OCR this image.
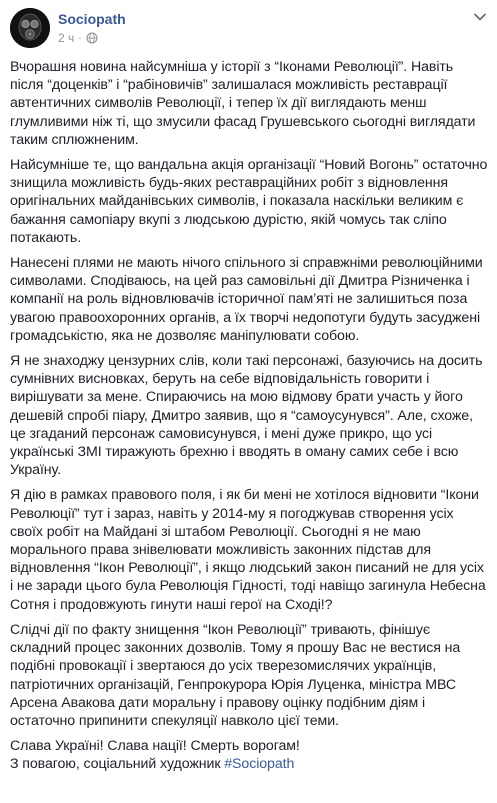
Sociopath
2 ч ·

Вчорашня новина найсумніша у історії з “Іконами Революції”. Навіть після “доценків” і “рабіновичів” залишалася можливість реставрації автентичних символів Революції, і тепер їх дії виглядають менш глумливими ніж ті, що змусили фасад Грушевського сьогодні виглядати таким сплюжненим.

Найсумніше те, що вандальна акція організації “Новий Вогонь” остаточно знищила можливість будь-яких реставраційних робіт з відновлення оригінальних майданівських символів, і показала наскільки великим є бажання самопіару вкупі з людською дурістю, якій чомусь так сліпо потакають.

Нанесені плями не мають нічого спільного зі справжніми революційними символами. Сподіваюсь, на цей раз самовільні дії Дмитра Різниченка і компанії на роль відновлювачів історичної пам’яті не залишиться поза увагою правоохоронних органів, а їх творчі недопотуги будуть засуджені громадськістю, яка не дозволяє маніпулювати собою.

Я не знаходжу цензурних слів, коли такі персонажі, базуючись на досить сумнівних висновках, беруть на себе відповідальність говорити і вирішувати за мене. Спираючись на мою відмову брати участь у його дешевій спробі піару, Дмитро заявив, що я “самоусунувся”. Але, схоже, це згаданий персонаж самовисунувся, і мені дуже прикро, що усі українські ЗМІ тиражують брехню і вводять в оману самих себе і всю Україну.

Я дію в рамках правового поля, і як би мені не хотілося відновити “Ікони Революції” тут і зараз, навіть у 2014-му я погоджував створення усіх своїх робіт на Майдані зі штабом Революції. Сьогодні я не маю морального права знівелювати можливість законних підстав для відновлення “Ікон Революції”, і якщо людський закон писаний не для усіх і не заради цього була Революція Гідності, тоді навіщо загинула Небесна Сотня і продовжують гинути наші герої на Сході!?

Слідчі дії по факту знищення “Ікон Революції” тривають, фінішує складний процес законних дозволів. Тому я прошу Вас не вестися на подібні провокації і звертаюся до усіх тверезомислячих українців, патріотичних організацій, Генпрокурора Юрія Луценка, міністра МВС Арсена Авакова дати моральну і правову оцінку подібним діям і остаточно припинити спекуляції навколо цієї теми.

Слава Україні! Слава нації! Смерть ворогам!

З повагою, соціальний художник #Sociopath
